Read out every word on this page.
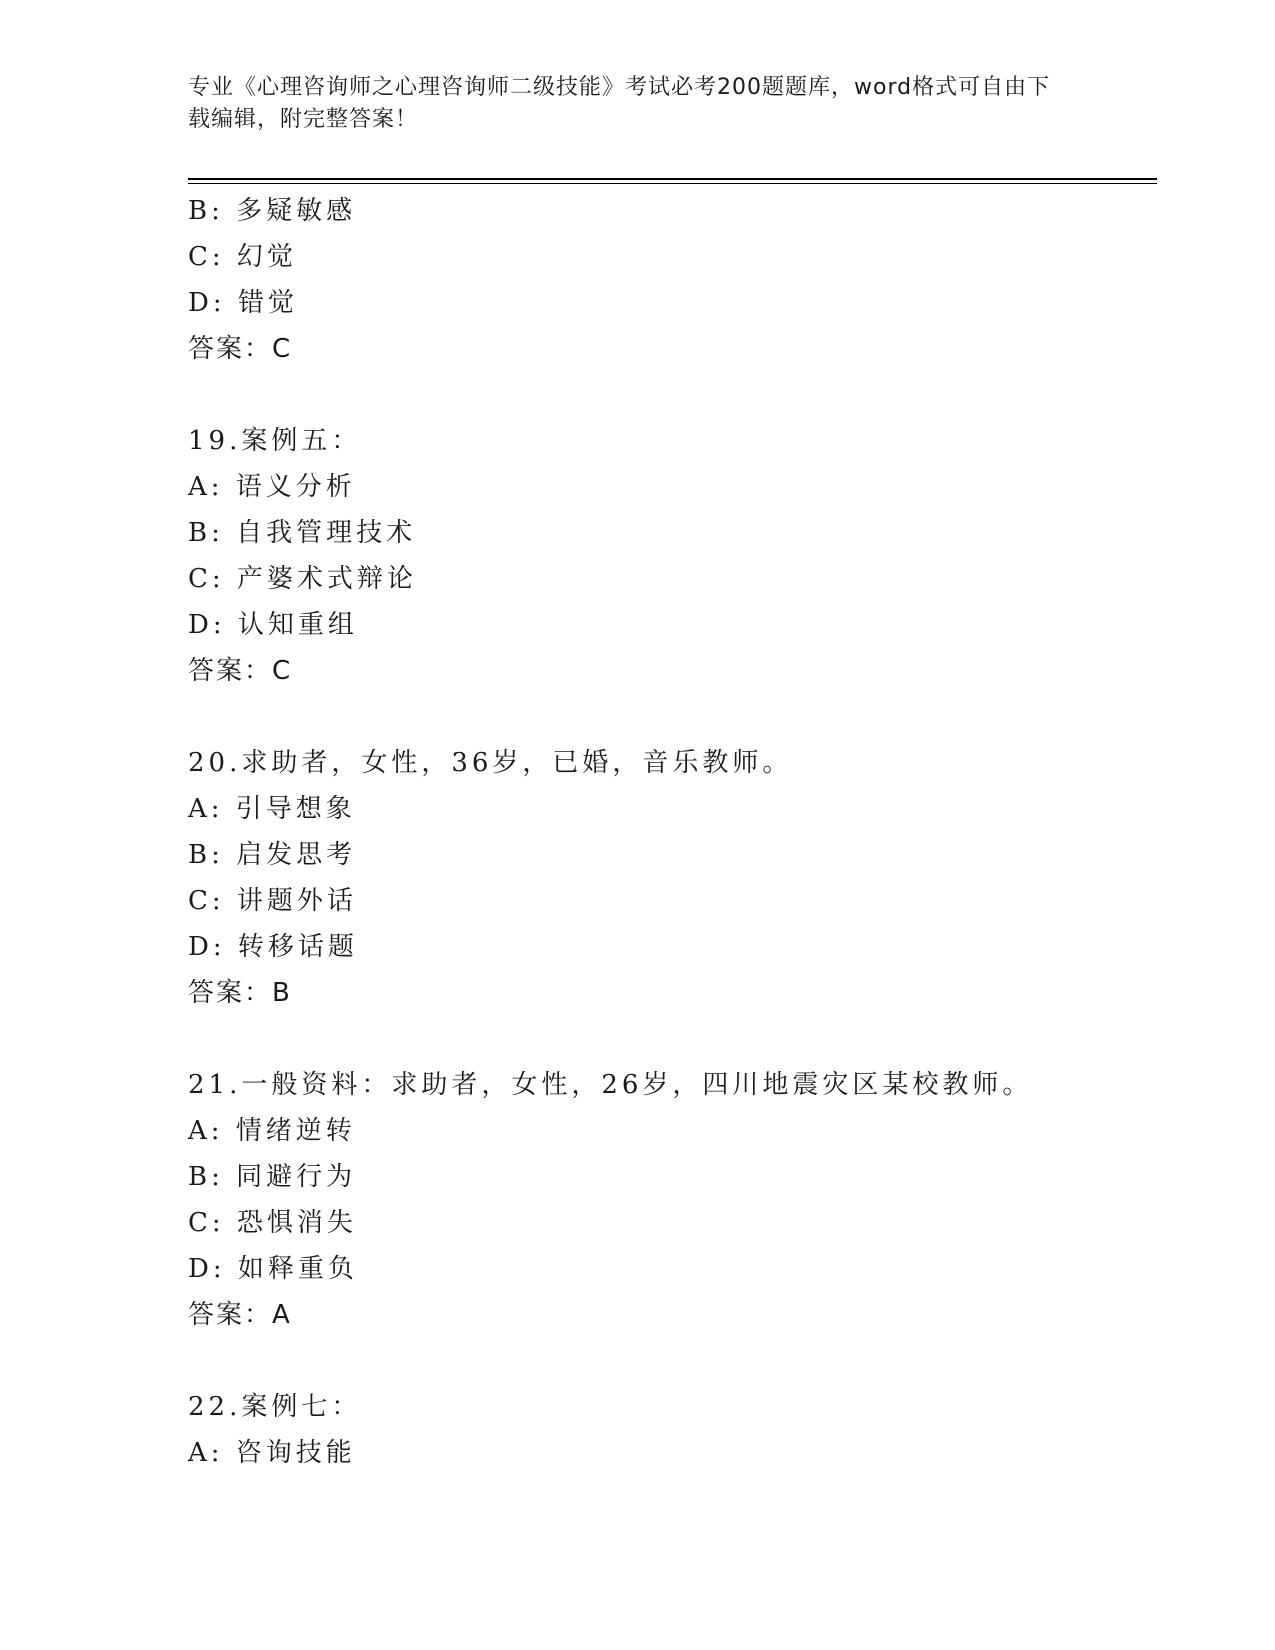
专业《心理咨询师之心理咨询师二级技能》考试必考200题题库，word格式可自由下载编辑，附完整答案！
B: 多疑敏感
C: 幻觉
D: 错觉
答案：C
19.案例五：
A: 语义分析
B: 自我管理技术
C: 产婆术式辩论
D: 认知重组
答案：C
20.求助者，女性，36岁，已婚，音乐教师。
A: 引导想象
B: 启发思考
C: 讲题外话
D: 转移话题
答案：B
21.一般资料：求助者，女性，26岁，四川地震灾区某校教师。
A: 情绪逆转
B: 同避行为
C: 恐惧消失
D: 如释重负
答案：A
22.案例七：
A: 咨询技能
